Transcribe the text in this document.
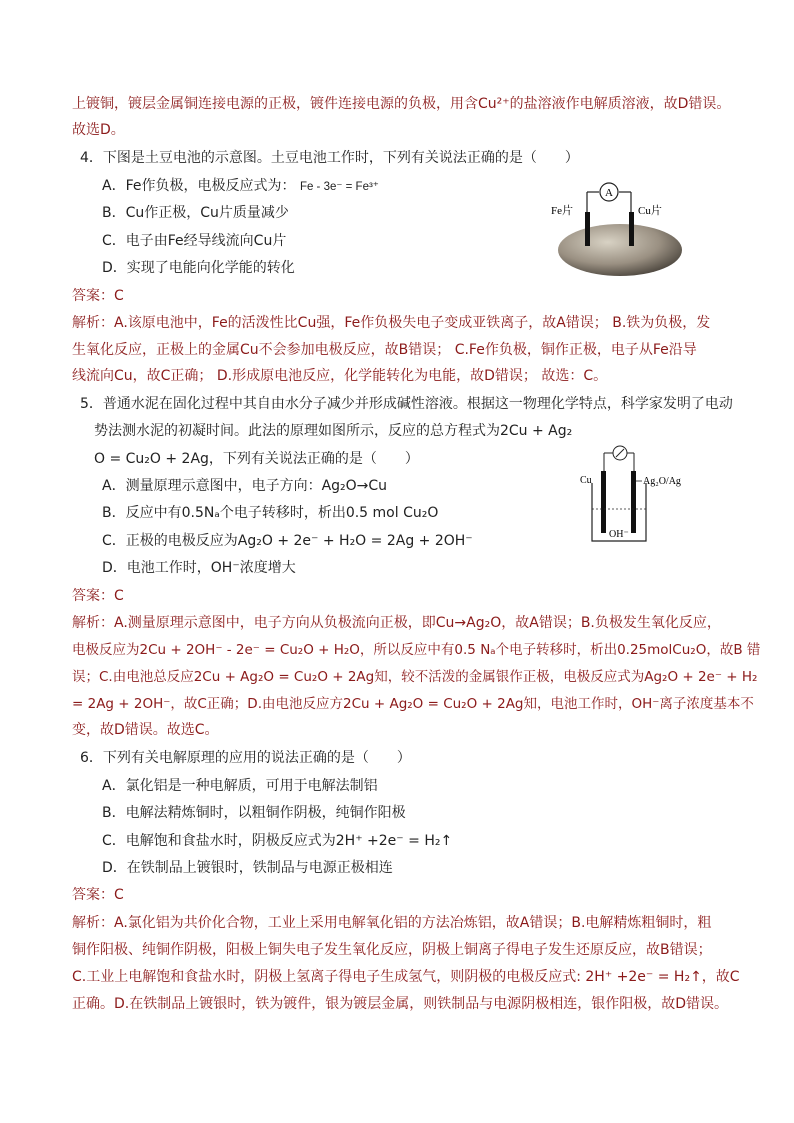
上镀铜，镀层金属铜连接电源的正极，镀件连接电源的负极，用含Cu²⁺的盐溶液作电解质溶液，故D错误。
故选D。
4．下图是土豆电池的示意图。土豆电池工作时，下列有关说法正确的是（　　）
A．Fe作负极，电极反应式为： Fe - 3e⁻ = Fe³⁺
B．Cu作正极，Cu片质量减少
C．电子由Fe经导线流向Cu片
D．实现了电能向化学能的转化
A
Fe片	Cu片
答案：C
解析：A.该原电池中，Fe的活泼性比Cu强，Fe作负极失电子变成亚铁离子，故A错误； B.铁为负极，发
生氧化反应，正极上的金属Cu不会参加电极反应，故B错误； C.Fe作负极，铜作正极，电子从Fe沿导
线流向Cu，故C正确； D.形成原电池反应，化学能转化为电能，故D错误； 故选：C。
5．普通水泥在固化过程中其自由水分子减少并形成碱性溶液。根据这一物理化学特点，科学家发明了电动
势法测水泥的初凝时间。此法的原理如图所示，反应的总方程式为2Cu + Ag₂
O = Cu₂O + 2Ag，下列有关说法正确的是（　　）
A．测量原理示意图中，电子方向：Ag₂O→Cu
B．反应中有0.5Nₐ个电子转移时，析出0.5 mol Cu₂O
C．正极的电极反应为Ag₂O + 2e⁻ + H₂O = 2Ag + 2OH⁻
D．电池工作时，OH⁻浓度增大
Cu	Ag₂O/Ag
OH⁻
答案：C
解析：A.测量原理示意图中，电子方向从负极流向正极，即Cu→Ag₂O，故A错误；B.负极发生氧化反应，
电极反应为2Cu + 2OH⁻ - 2e⁻ = Cu₂O + H₂O，所以反应中有0.5 Nₐ个电子转移时，析出0.25molCu₂O，故B 错
误；C.由电池总反应2Cu + Ag₂O = Cu₂O + 2Ag知，较不活泼的金属银作正极，电极反应式为Ag₂O + 2e⁻ + H₂
= 2Ag + 2OH⁻，故C正确；D.由电池反应方2Cu + Ag₂O = Cu₂O + 2Ag知，电池工作时，OH⁻离子浓度基本不
变，故D错误。故选C。
6．下列有关电解原理的应用的说法正确的是（　　）
A．氯化铝是一种电解质，可用于电解法制铝
B．电解法精炼铜时，以粗铜作阴极，纯铜作阳极
C．电解饱和食盐水时，阴极反应式为2H⁺ +2e⁻ = H₂↑
D．在铁制品上镀银时，铁制品与电源正极相连
答案：C
解析：A.氯化铝为共价化合物，工业上采用电解氧化铝的方法冶炼铝，故A错误；B.电解精炼粗铜时，粗
铜作阳极、纯铜作阴极，阳极上铜失电子发生氧化反应，阴极上铜离子得电子发生还原反应，故B错误；
C.工业上电解饱和食盐水时，阴极上氢离子得电子生成氢气，则阴极的电极反应式: 2H⁺ +2e⁻ = H₂↑，故C
正确。D.在铁制品上镀银时，铁为镀件，银为镀层金属，则铁制品与电源阴极相连，银作阳极，故D错误。
